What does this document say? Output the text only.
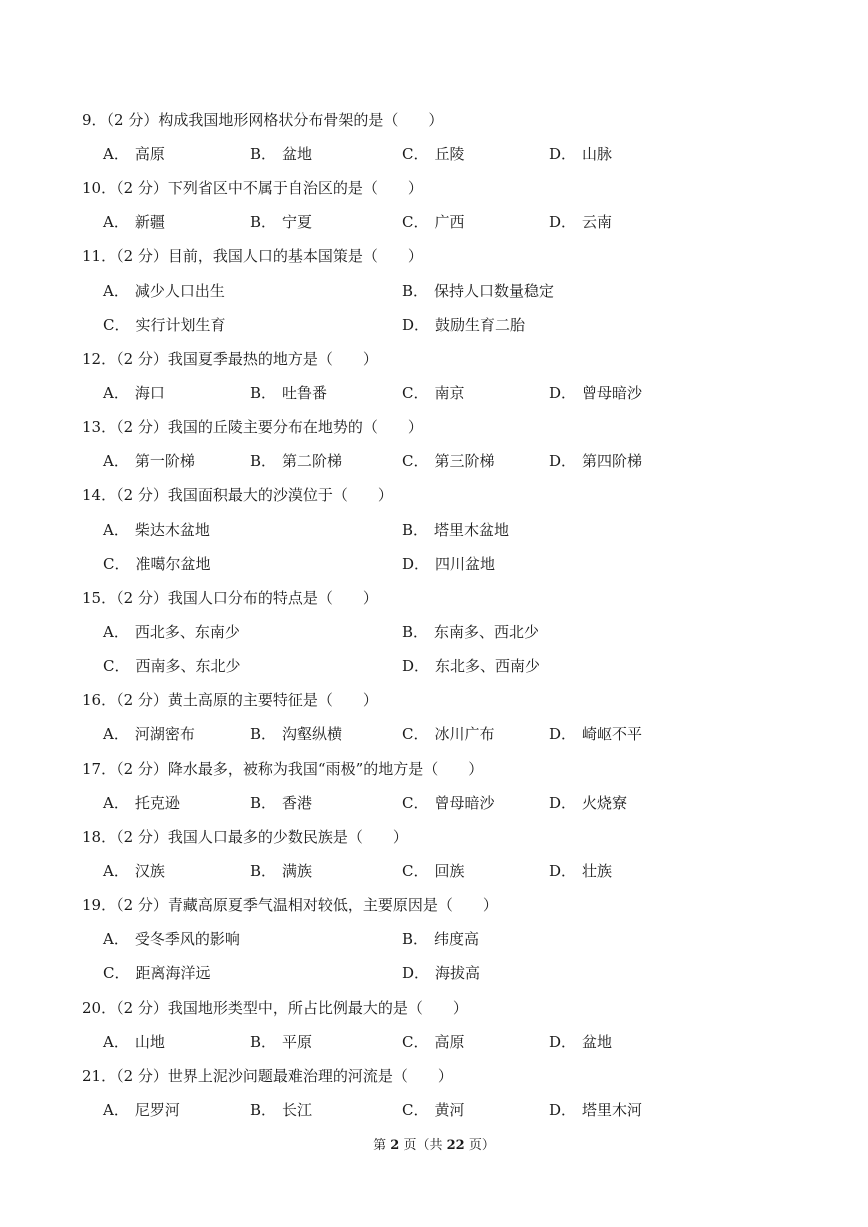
9．（2 分）构成我国地形网格状分布骨架的是（　　）
A． 高原	B． 盆地	C． 丘陵	D． 山脉
10．（2 分）下列省区中不属于自治区的是（　　）
A． 新疆	B． 宁夏	C． 广西	D． 云南
11．（2 分）目前，我国人口的基本国策是（　　）
A． 减少人口出生	B． 保持人口数量稳定
C． 实行计划生育	D． 鼓励生育二胎
12．（2 分）我国夏季最热的地方是（　　）
A． 海口	B． 吐鲁番	C． 南京	D． 曾母暗沙
13．（2 分）我国的丘陵主要分布在地势的（　　）
A． 第一阶梯	B． 第二阶梯	C． 第三阶梯	D． 第四阶梯
14．（2 分）我国面积最大的沙漠位于（　　）
A． 柴达木盆地	B． 塔里木盆地
C． 准噶尔盆地	D． 四川盆地
15．（2 分）我国人口分布的特点是（　　）
A． 西北多、东南少	B． 东南多、西北少
C． 西南多、东北少	D． 东北多、西南少
16．（2 分）黄土高原的主要特征是（　　）
A． 河湖密布	B． 沟壑纵横	C． 冰川广布	D． 崎岖不平
17．（2 分）降水最多，被称为我国“雨极”的地方是（　　）
A． 托克逊	B． 香港	C． 曾母暗沙	D． 火烧寮
18．（2 分）我国人口最多的少数民族是（　　）
A． 汉族	B． 满族	C． 回族	D． 壮族
19．（2 分）青藏高原夏季气温相对较低，主要原因是（　　）
A． 受冬季风的影响	B． 纬度高
C． 距离海洋远	D． 海拔高
20．（2 分）我国地形类型中，所占比例最大的是（　　）
A． 山地	B． 平原	C． 高原	D． 盆地
21．（2 分）世界上泥沙问题最难治理的河流是（　　）
A． 尼罗河	B． 长江	C． 黄河	D． 塔里木河
第 2 页（共 22 页）
